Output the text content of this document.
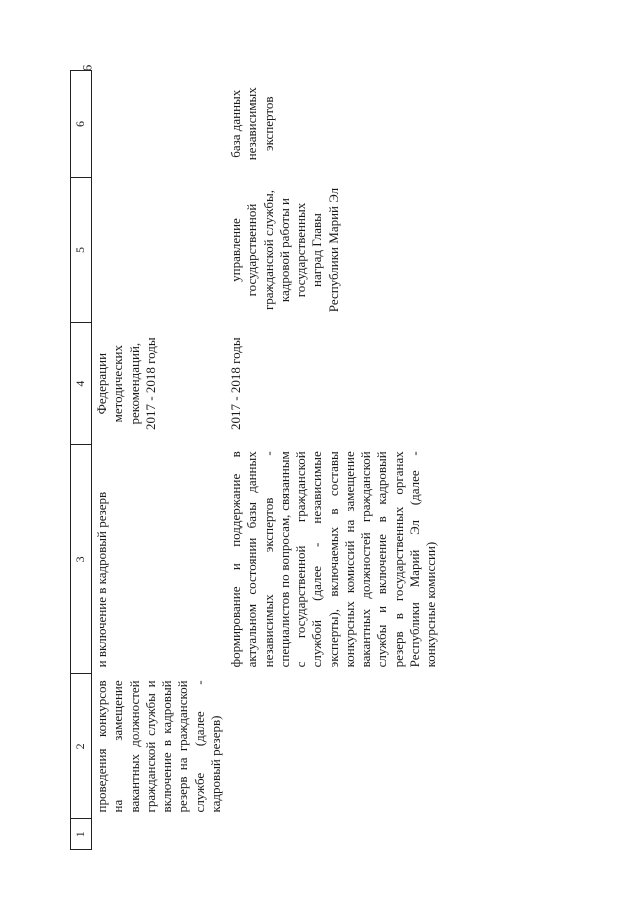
6
1	2	3	4	5	6
	проведения конкурсов на замещение вакантных должностей гражданской службы и включение в кадровый резерв на гражданской службе (далее - кадровый резерв)	и включение в кадровый резерв	Федерации методических рекомендаций, 2017 - 2018 годы		
		формирование и поддержание в актуальном состоянии базы данных независимых экспертов - специалистов по вопросам, связанным с государственной гражданской службой (далее - независимые эксперты), включаемых в составы конкурсных комиссий на замещение вакантных должностей гражданской службы и включение в кадровый резерв в государственных органах Республики Марий Эл (далее - конкурсные комиссии)	2017 - 2018 годы	управление государственной гражданской службы, кадровой работы и государственных наград Главы Республики Марий Эл	база данных независимых экспертов
